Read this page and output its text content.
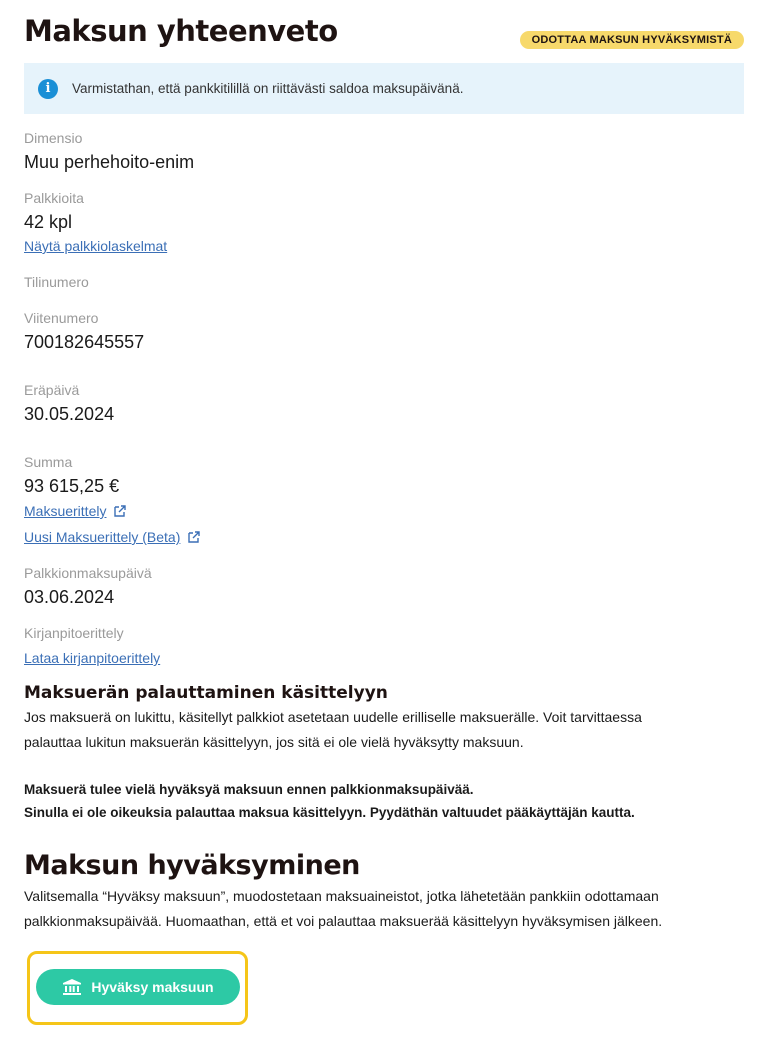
Maksun yhteenveto	ODOTTAA MAKSUN HYVÄKSYMISTÄ
i	Varmistathan, että pankkitilillä on riittävästi saldoa maksupäivänä.
Dimensio
Muu perhehoito-enim
Palkkioita
42 kpl
Näytä palkkiolaskelmat
Tilinumero
Viitenumero
700182645557
Eräpäivä
30.05.2024
Summa
93 615,25 €
Maksuerittely
Uusi Maksuerittely (Beta)
Palkkionmaksupäivä
03.06.2024
Kirjanpitoerittely
Lataa kirjanpitoerittely
Maksuerän palauttaminen käsittelyyn

Jos maksuerä on lukittu, käsitellyt palkkiot asetetaan uudelle erilliselle maksuerälle. Voit tarvittaessa

palauttaa lukitun maksuerän käsittelyyn, jos sitä ei ole vielä hyväksytty maksuun.

Maksuerä tulee vielä hyväksyä maksuun ennen palkkionmaksupäivää.

Sinulla ei ole oikeuksia palauttaa maksua käsittelyyn. Pyydäthän valtuudet pääkäyttäjän kautta.

Maksun hyväksyminen

Valitsemalla “Hyväksy maksuun”, muodostetaan maksuaineistot, jotka lähetetään pankkiin odottamaan

palkkionmaksupäivää. Huomaathan, että et voi palauttaa maksuerää käsittelyyn hyväksymisen jälkeen.

Hyväksy maksuun
